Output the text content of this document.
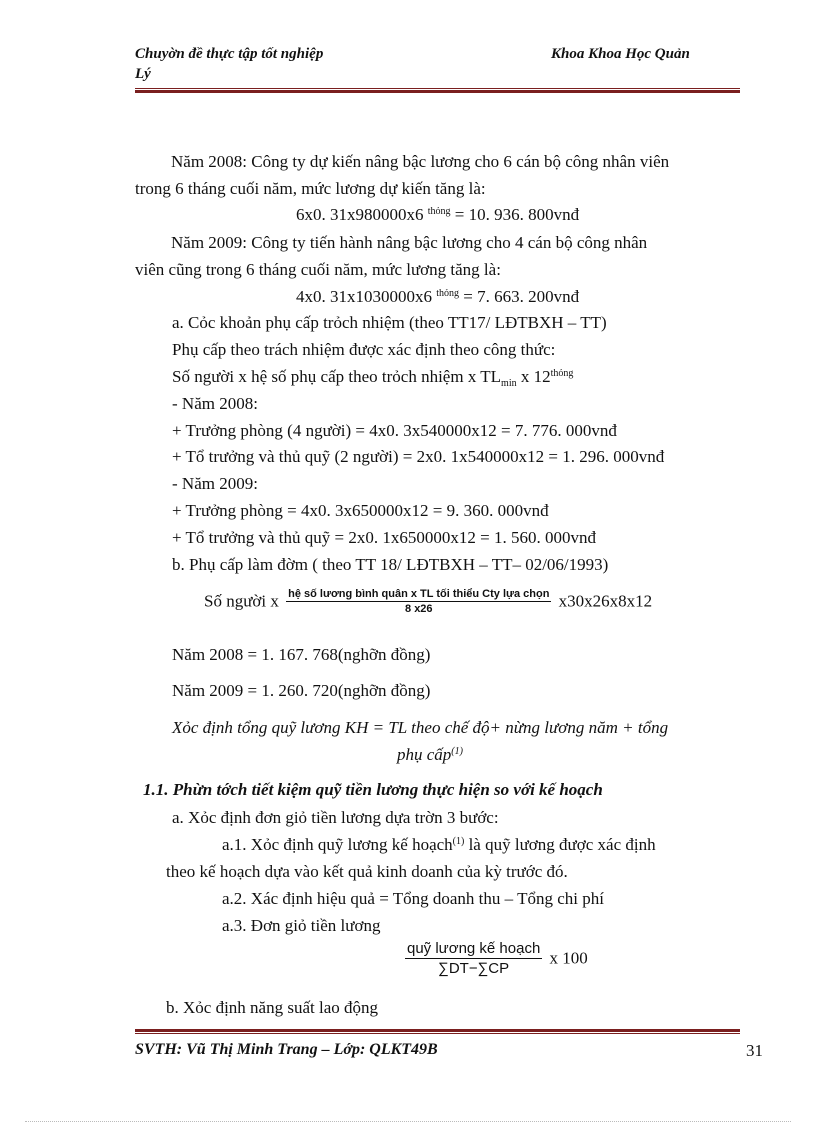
Chuyờn đề thực tập tốt nghiệp	Khoa Khoa Học Quản
Lý
Năm 2008: Công ty dự kiến nâng bậc lương cho 6 cán bộ công nhân viên
trong 6 tháng cuối năm, mức lương dự kiến tăng là:
6x0. 31x980000x6 $^{thỏng}$ = 10. 936. 800vnđ
Năm 2009: Công ty tiến hành nâng bậc lương cho 4 cán bộ công nhân
viên cũng trong 6 tháng cuối năm, mức lương tăng là:
4x0. 31x1030000x6 $^{thỏng}$ = 7. 663. 200vnđ
a. Cỏc khoản phụ cấp trỏch nhiệm (theo TT17/ LĐTBXH – TT)
Phụ cấp theo trách nhiệm được xác định theo công thức:
Số người x hệ số phụ cấp theo trỏch nhiệm x $TL_{min}$ x $12^{thỏng}$
- Năm 2008:
+ Trưởng phòng (4 người) = 4x0. 3x540000x12 = 7. 776. 000vnđ
+ Tổ trưởng và thủ quỹ (2 người) = 2x0. 1x540000x12 = 1. 296. 000vnđ
- Năm 2009:
+ Trưởng phòng = 4x0. 3x650000x12 = 9. 360. 000vnđ
+ Tổ trưởng và thủ quỹ = 2x0. 1x650000x12 = 1. 560. 000vnđ
b. Phụ cấp làm đờm ( theo TT 18/ LĐTBXH – TT– 02/06/1993)
Số người x $\frac{\text{hệ số lương bình quân x TL tối thiểu Cty lựa chọn}}{8 x26} x30x26x8x12$
Năm 2008 = 1. 167. 768(nghỡn đồng)
Năm 2009 = 1. 260. 720(nghỡn đồng)
Xỏc định tổng quỹ lương KH = TL theo chế độ+ nừng lương năm + tổng
phụ cấp$^{(1)}$
1.1. Phừn tớch tiết kiệm quỹ tiền lương thực hiện so với kế hoạch
a. Xỏc định đơn giỏ tiền lương dựa trờn 3 bước:
a.1. Xỏc định quỹ lương kế hoạch$^{(1)}$ là quỹ lương được xác định
theo kế hoạch dựa vào kết quả kinh doanh của kỳ trước đó.
a.2. Xác định hiệu quả = Tổng doanh thu – Tổng chi phí
a.3. Đơn giỏ tiền lương
$\frac{\text{quỹ lương kế hoạch}}{\sum DT-\sum CP}$ x 100
b. Xỏc định năng suất lao động
SVTH: Vũ Thị Minh Trang – Lớp: QLKT49B	31
